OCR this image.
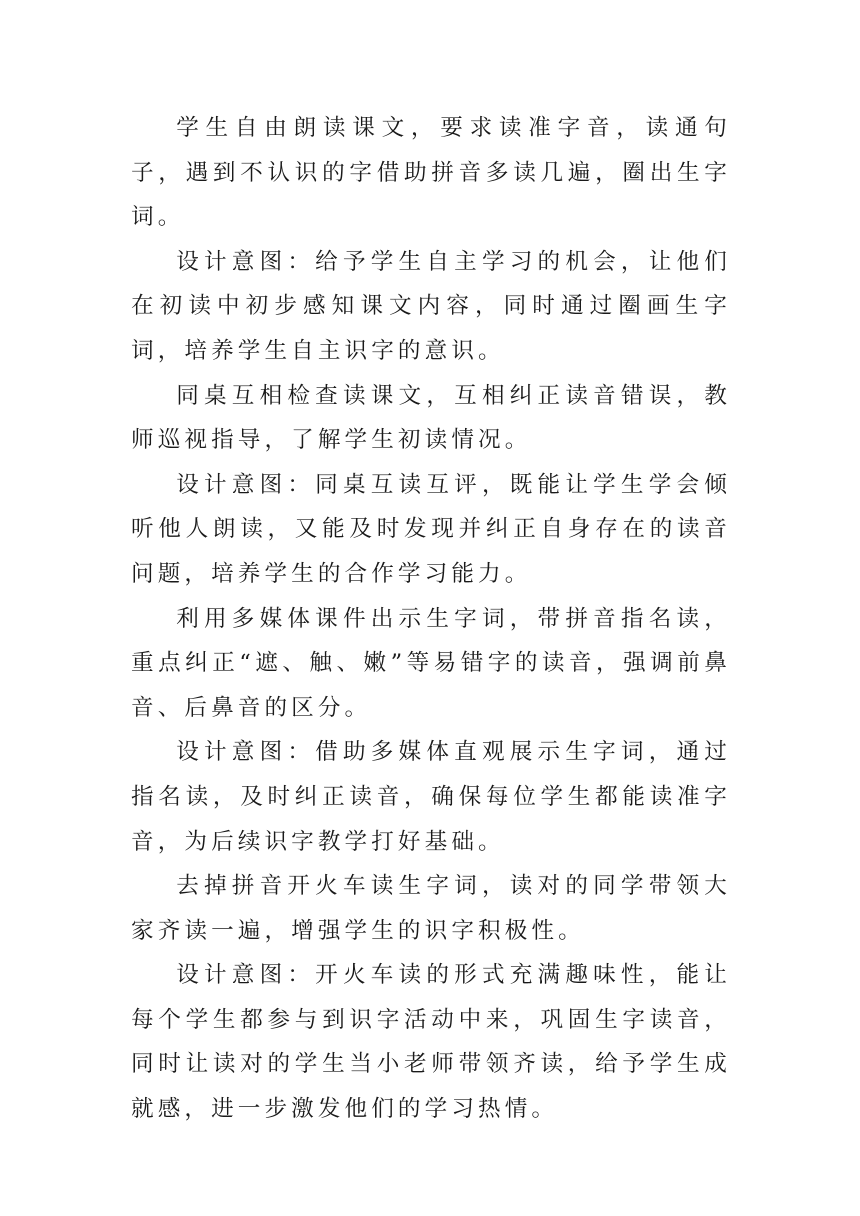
学生自由朗读课文，要求读准字音，读通句子，遇到不认识的字借助拼音多读几遍，圈出生字词。

设计意图：给予学生自主学习的机会，让他们在初读中初步感知课文内容，同时通过圈画生字词，培养学生自主识字的意识。

同桌互相检查读课文，互相纠正读音错误，教师巡视指导，了解学生初读情况。

设计意图：同桌互读互评，既能让学生学会倾听他人朗读，又能及时发现并纠正自身存在的读音问题，培养学生的合作学习能力。

利用多媒体课件出示生字词，带拼音指名读，重点纠正“遮、触、嫩”等易错字的读音，强调前鼻音、后鼻音的区分。

设计意图：借助多媒体直观展示生字词，通过指名读，及时纠正读音，确保每位学生都能读准字音，为后续识字教学打好基础。

去掉拼音开火车读生字词，读对的同学带领大家齐读一遍，增强学生的识字积极性。

设计意图：开火车读的形式充满趣味性，能让每个学生都参与到识字活动中来，巩固生字读音，同时让读对的学生当小老师带领齐读，给予学生成就感，进一步激发他们的学习热情。
